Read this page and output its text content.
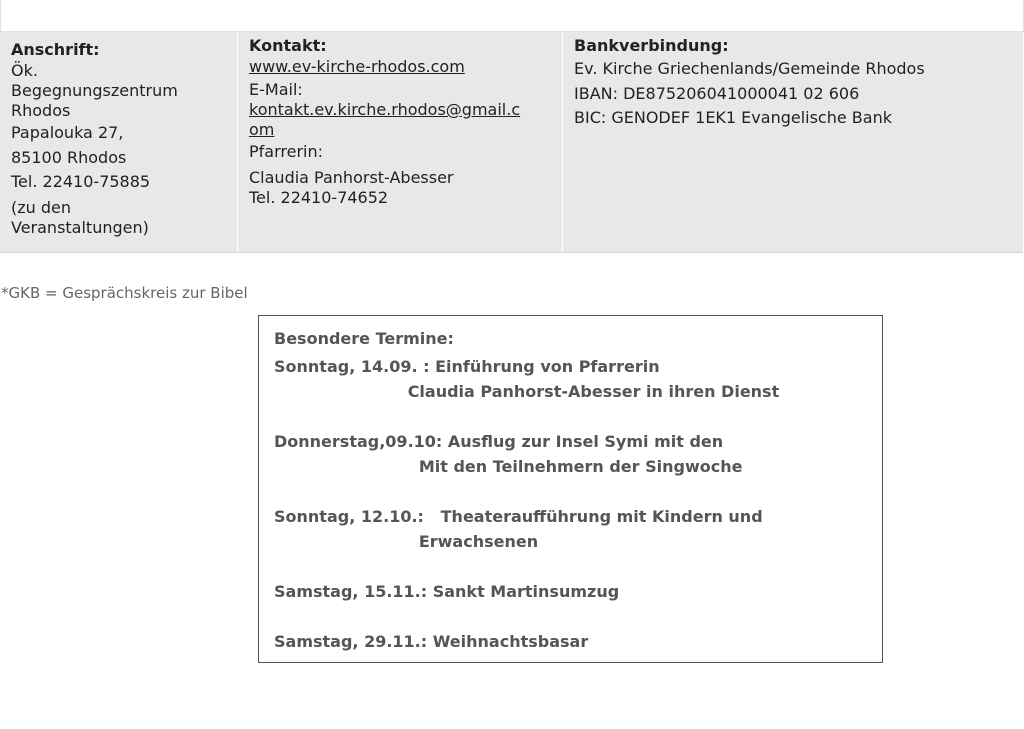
Anschrift:
Ök.
Begegnungszentrum
Rhodos
Papalouka 27,
85100 Rhodos
Tel. 22410-75885
(zu den
Veranstaltungen)
Kontakt:
www.ev-kirche-rhodos.com
E-Mail:
kontakt.ev.kirche.rhodos@gmail.c
om
Pfarrerin:
Claudia Panhorst-Abesser
Tel. 22410-74652
Bankverbindung:
Ev. Kirche Griechenlands/Gemeinde Rhodos
IBAN: DE875206041000041 02 606
BIC: GENODEF 1EK1 Evangelische Bank
*GKB = Gesprächskreis zur Bibel
Besondere Termine:
Sonntag, 14.09. : Einführung von Pfarrerin
Claudia Panhorst-Abesser in ihren Dienst
Donnerstag,09.10: Ausflug zur Insel Symi mit den
Mit den Teilnehmern der Singwoche
Sonntag, 12.10.:   Theateraufführung mit Kindern und
Erwachsenen
Samstag, 15.11.: Sankt Martinsumzug
Samstag, 29.11.: Weihnachtsbasar
